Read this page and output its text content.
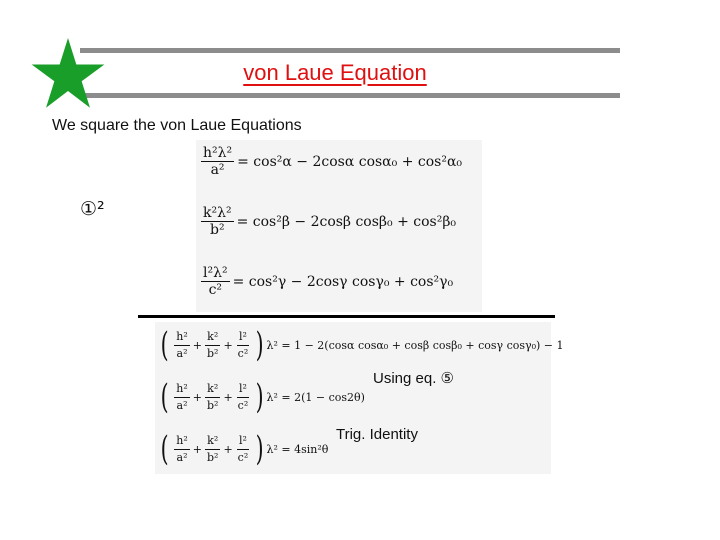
von Laue Equation
We square the von Laue Equations
①²
$\frac{\text{h²λ²}}{\text{a²}} = \cos^2\alpha - 2\cos\alpha$ cosα₀ + cos²α₀
$\frac{\text{k²λ²}}{\text{b²}} = \cos^2\beta - 2\cos\beta$ cosβ₀ + cos²β₀
$\frac{\text{l²λ²}}{\text{c²}} = \cos^2\gamma - 2\cos\gamma$ cosγ₀ + cos²γ₀
( $\frac{\text{h²}}{\text{a²}} + \frac{\text{k²}}{\text{b²}} + \frac{\text{l²}}{\text{c²}}$ ) λ² = 1 − 2(cosα cosα₀ + cosβ cosβ₀ + cosγ cosγ₀) − 1
Using eq. ⑤
( $\frac{\text{h²}}{\text{a²}} + \frac{\text{k²}}{\text{b²}} + \frac{\text{l²}}{\text{c²}}$ ) λ² = 2(1 − cos2θ)
Trig. Identity
( $\frac{\text{h²}}{\text{a²}} + \frac{\text{k²}}{\text{b²}} + \frac{\text{l²}}{\text{c²}}$ ) λ² = 4sin²θ
